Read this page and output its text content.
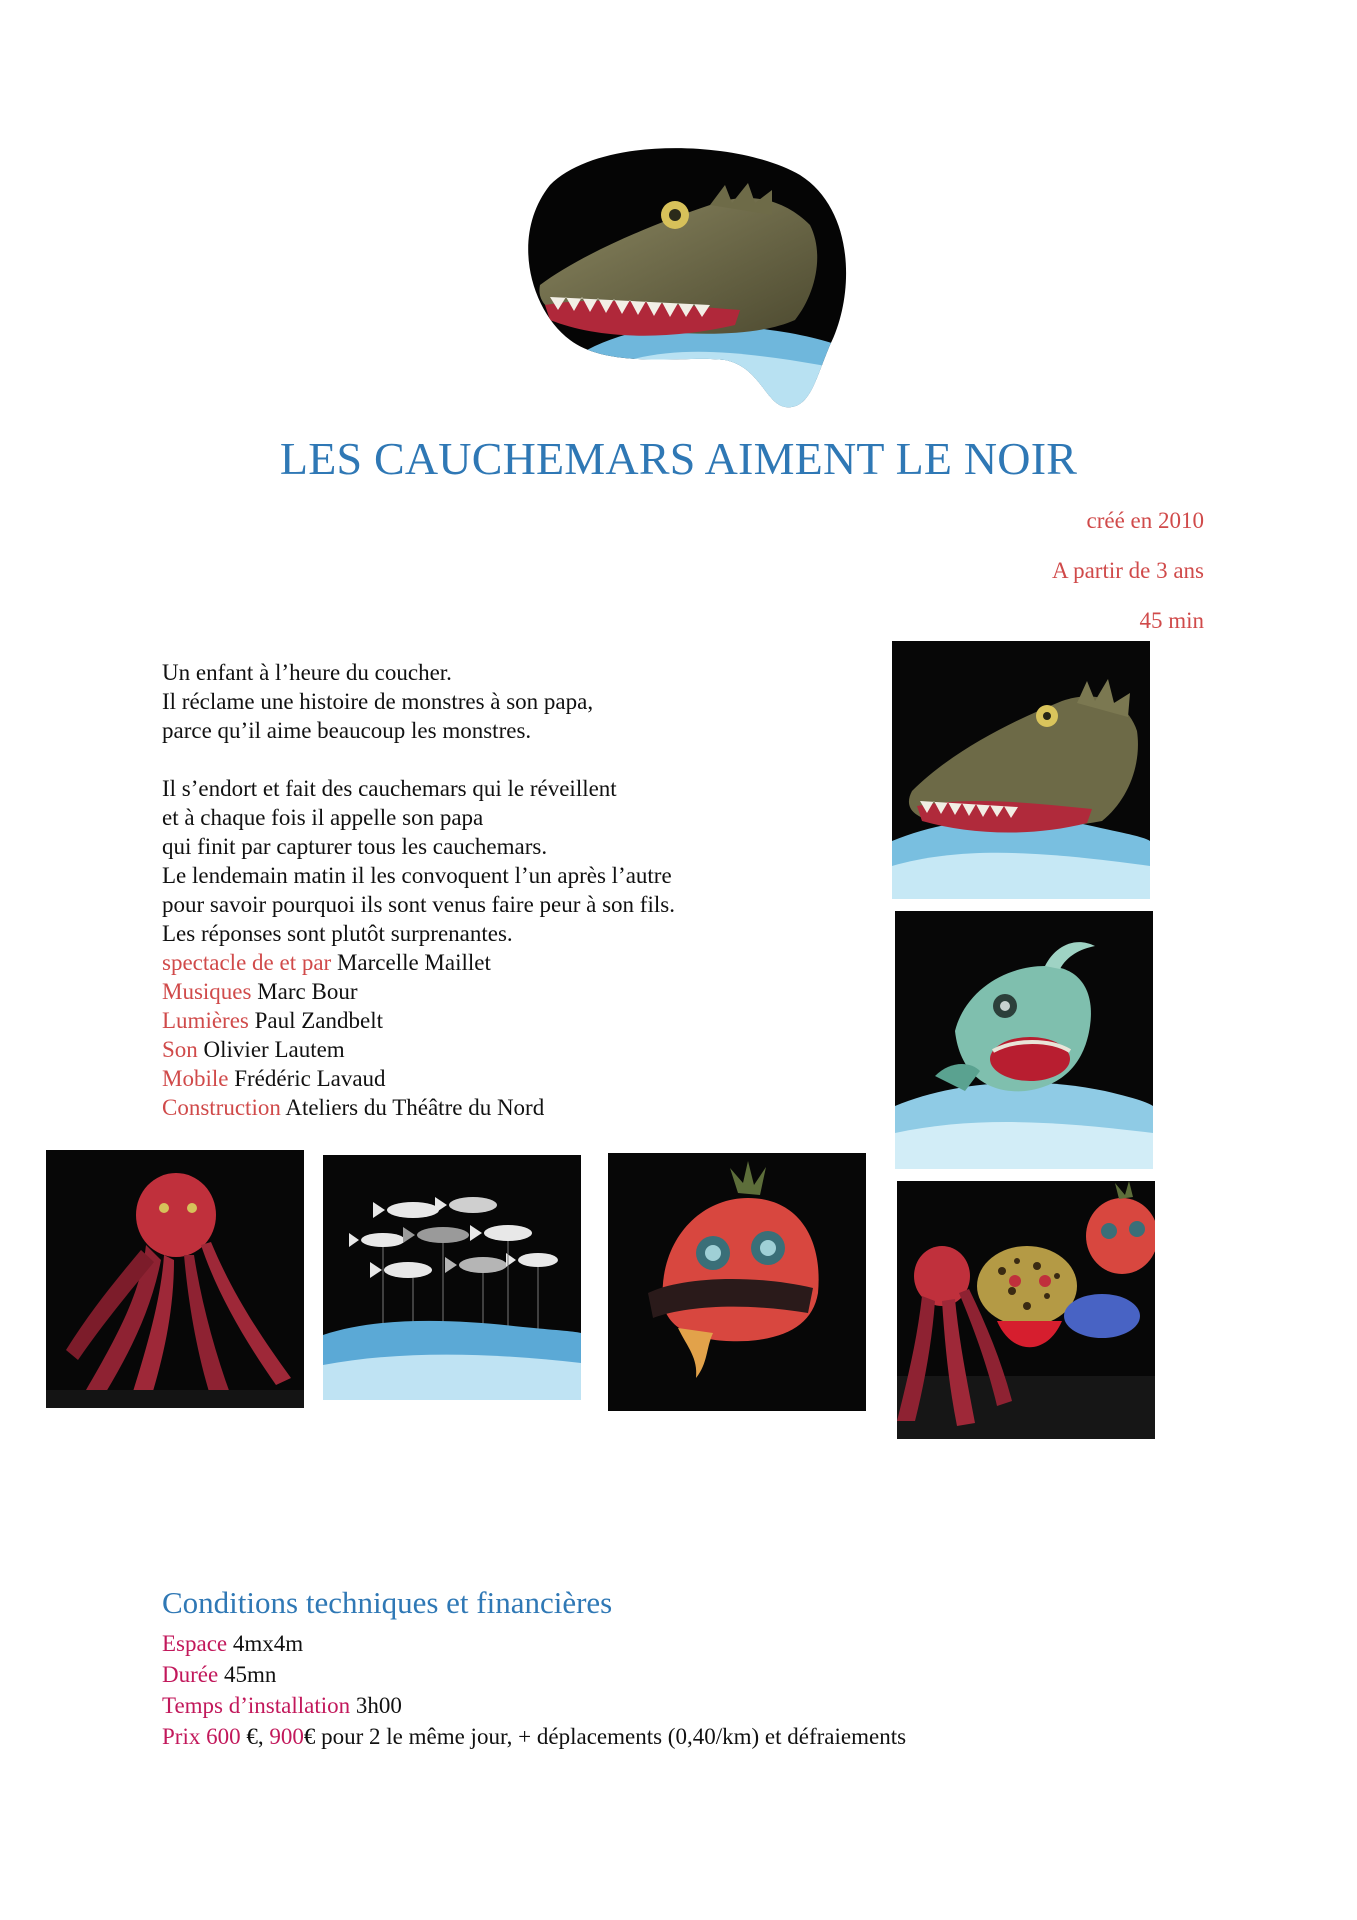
LES CAUCHEMARS AIMENT LE NOIR
créé en 2010
A partir de 3 ans
45 min
Un enfant à l’heure du coucher.
Il réclame une histoire de monstres à son papa,
parce qu’il aime beaucoup les monstres.
Il s’endort et fait des cauchemars qui le réveillent
et à chaque fois il appelle son papa
qui finit par capturer tous les cauchemars.
Le lendemain matin il les convoquent l’un après l’autre
pour savoir pourquoi ils sont venus faire peur à son fils.
Les réponses sont plutôt surprenantes.
spectacle de et par Marcelle Maillet
Musiques Marc Bour
Lumières Paul Zandbelt
Son Olivier Lautem
Mobile Frédéric Lavaud
Construction Ateliers du Théâtre du Nord
Conditions techniques et financières
Espace 4mx4m
Durée 45mn
Temps d’installation 3h00
Prix 600 €, 900€ pour 2 le même jour, + déplacements (0,40/km) et défraiements
